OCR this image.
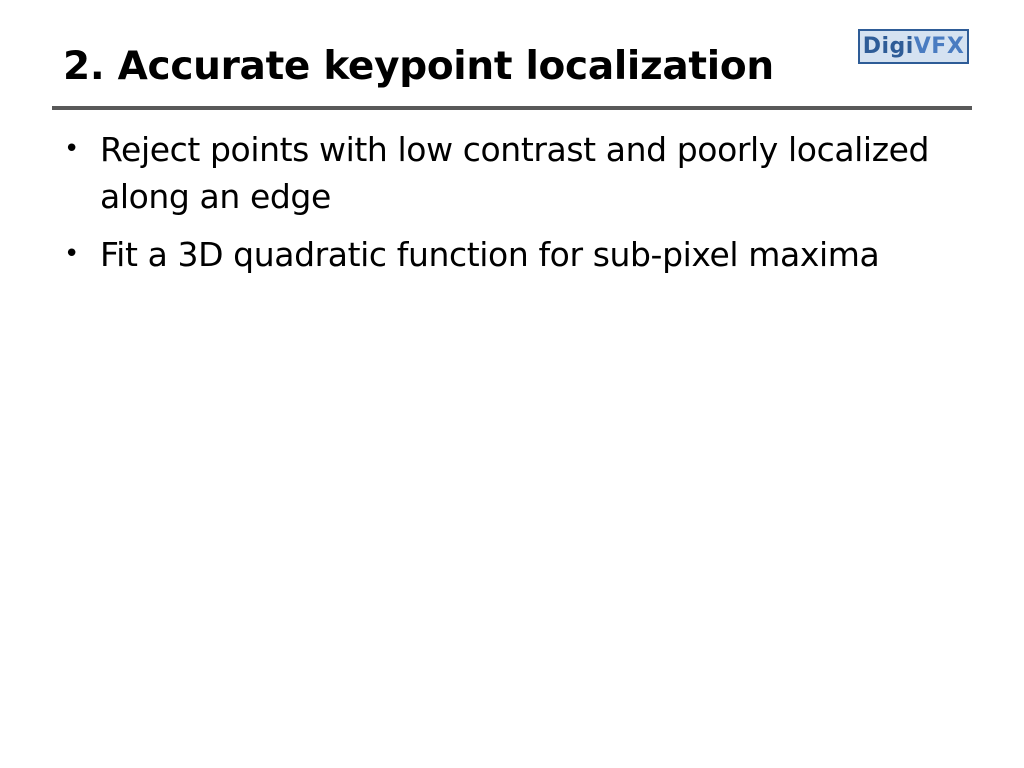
2. Accurate keypoint localization	Digi VFX
• Reject points with low contrast and poorly localized along an edge
• Fit a 3D quadratic function for sub-pixel maxima
